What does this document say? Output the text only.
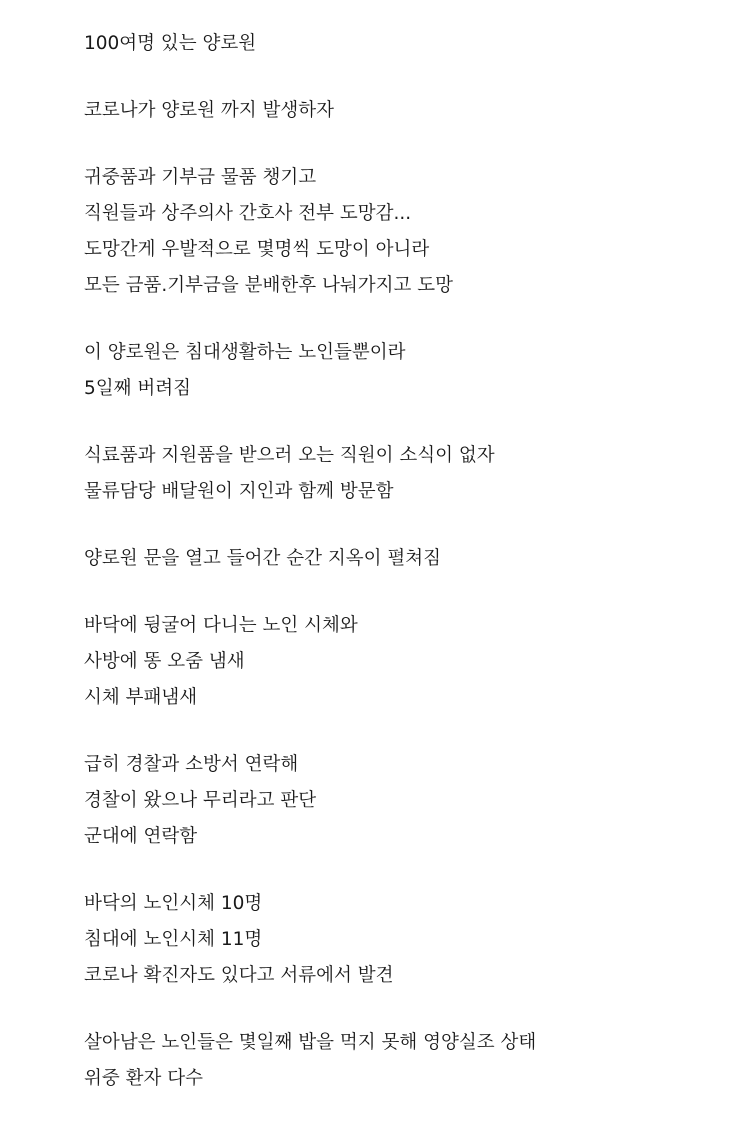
100여명 있는 양로원
코로나가 양로원 까지 발생하자
귀중품과 기부금 물품 챙기고
직원들과 상주의사 간호사 전부 도망감...
도망간게 우발적으로 몇명씩 도망이 아니라
모든 금품.기부금을 분배한후 나눠가지고 도망
이 양로원은 침대생활하는 노인들뿐이라
5일째 버려짐
식료품과 지원품을 받으러 오는 직원이 소식이 없자
물류담당 배달원이 지인과 함께 방문함
양로원 문을 열고 들어간 순간 지옥이 펼쳐짐
바닥에 뒹굴어 다니는 노인 시체와
사방에 똥 오줌 냄새
시체 부패냄새
급히 경찰과 소방서 연락해
경찰이 왔으나 무리라고 판단
군대에 연락함
바닥의 노인시체 10명
침대에 노인시체 11명
코로나 확진자도 있다고 서류에서 발견
살아남은 노인들은 몇일째 밥을 먹지 못해 영양실조 상태
위중 환자 다수
